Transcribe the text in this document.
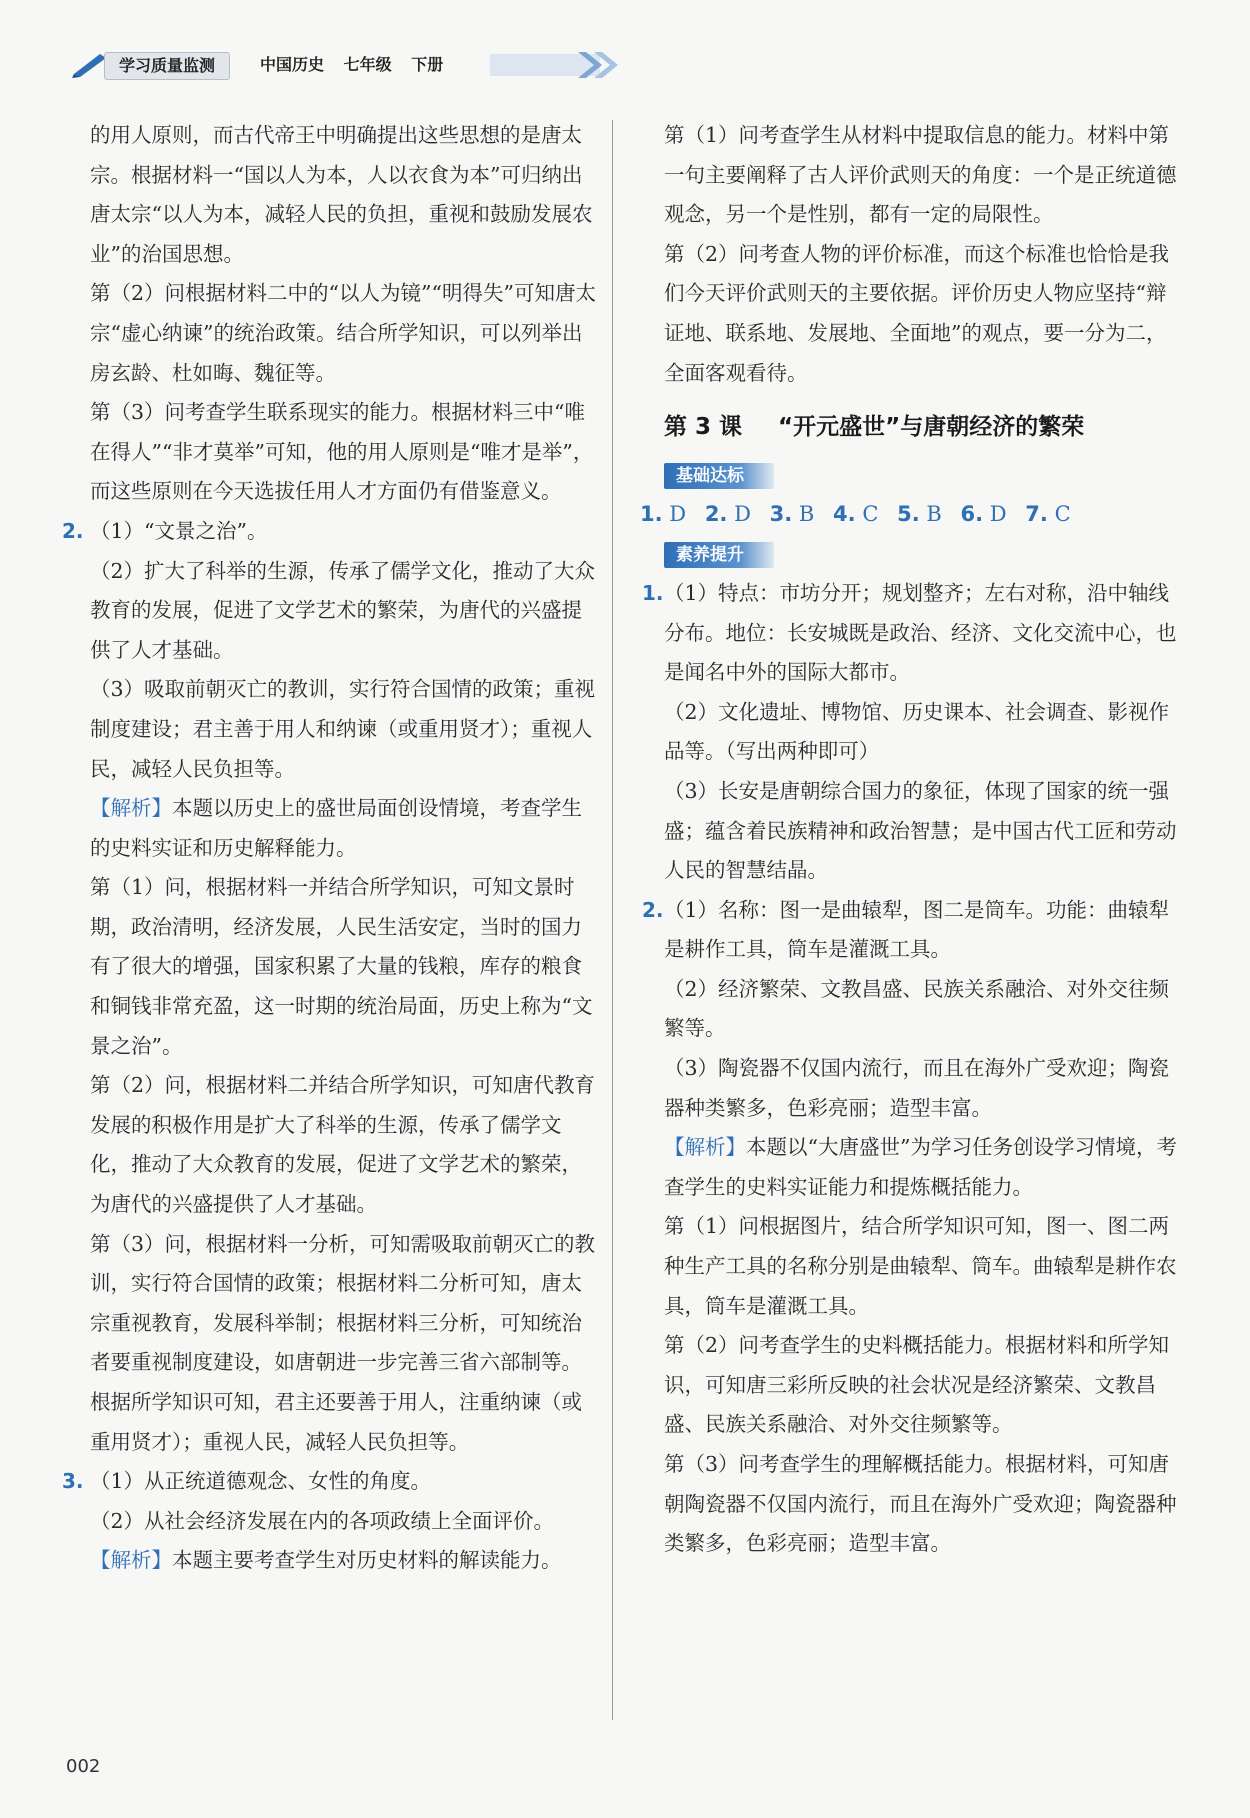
学习质量监测	中国历史 七年级 下册
的用人原则，而古代帝王中明确提出这些思想的是唐太宗。根据材料一“国以人为本，人以衣食为本”可归纳出唐太宗“以人为本，减轻人民的负担，重视和鼓励发展农业”的治国思想。
第（2）问根据材料二中的“以人为镜”“明得失”可知唐太宗“虚心纳谏”的统治政策。结合所学知识，可以列举出房玄龄、杜如晦、魏征等。
第（3）问考查学生联系现实的能力。根据材料三中“唯在得人”“非才莫举”可知，他的用人原则是“唯才是举”，而这些原则在今天选拔任用人才方面仍有借鉴意义。
2. （1）“文景之治”。
（2）扩大了科举的生源，传承了儒学文化，推动了大众教育的发展，促进了文学艺术的繁荣，为唐代的兴盛提供了人才基础。
（3）吸取前朝灭亡的教训，实行符合国情的政策；重视制度建设；君主善于用人和纳谏（或重用贤才）；重视人民，减轻人民负担等。
【解析】本题以历史上的盛世局面创设情境，考查学生的史料实证和历史解释能力。
第（1）问，根据材料一并结合所学知识，可知文景时期，政治清明，经济发展，人民生活安定，当时的国力有了很大的增强，国家积累了大量的钱粮，库存的粮食和铜钱非常充盈，这一时期的统治局面，历史上称为“文景之治”。
第（2）问，根据材料二并结合所学知识，可知唐代教育发展的积极作用是扩大了科举的生源，传承了儒学文化，推动了大众教育的发展，促进了文学艺术的繁荣，为唐代的兴盛提供了人才基础。
第（3）问，根据材料一分析，可知需吸取前朝灭亡的教训，实行符合国情的政策；根据材料二分析可知，唐太宗重视教育，发展科举制；根据材料三分析，可知统治者要重视制度建设，如唐朝进一步完善三省六部制等。根据所学知识可知，君主还要善于用人，注重纳谏（或重用贤才）；重视人民，减轻人民负担等。
3. （1）从正统道德观念、女性的角度。
（2）从社会经济发展在内的各项政绩上全面评价。
【解析】本题主要考查学生对历史材料的解读能力。
第（1）问考查学生从材料中提取信息的能力。材料中第一句主要阐释了古人评价武则天的角度：一个是正统道德观念，另一个是性别，都有一定的局限性。
第（2）问考查人物的评价标准，而这个标准也恰恰是我们今天评价武则天的主要依据。评价历史人物应坚持“辩证地、联系地、发展地、全面地”的观点，要一分为二，全面客观看待。
第 3 课 “开元盛世”与唐朝经济的繁荣
基础达标
1. D 2. D 3. B 4. C 5. B 6. D 7. C
素养提升
1. （1）特点：市坊分开；规划整齐；左右对称，沿中轴线分布。地位：长安城既是政治、经济、文化交流中心，也是闻名中外的国际大都市。
（2）文化遗址、博物馆、历史课本、社会调查、影视作品等。（写出两种即可）
（3）长安是唐朝综合国力的象征，体现了国家的统一强盛；蕴含着民族精神和政治智慧；是中国古代工匠和劳动人民的智慧结晶。
2. （1）名称：图一是曲辕犁，图二是筒车。功能：曲辕犁是耕作工具，筒车是灌溉工具。
（2）经济繁荣、文教昌盛、民族关系融洽、对外交往频繁等。
（3）陶瓷器不仅国内流行，而且在海外广受欢迎；陶瓷器种类繁多，色彩亮丽；造型丰富。
【解析】本题以“大唐盛世”为学习任务创设学习情境，考查学生的史料实证能力和提炼概括能力。
第（1）问根据图片，结合所学知识可知，图一、图二两种生产工具的名称分别是曲辕犁、筒车。曲辕犁是耕作农具，筒车是灌溉工具。
第（2）问考查学生的史料概括能力。根据材料和所学知识，可知唐三彩所反映的社会状况是经济繁荣、文教昌盛、民族关系融洽、对外交往频繁等。
第（3）问考查学生的理解概括能力。根据材料，可知唐朝陶瓷器不仅国内流行，而且在海外广受欢迎；陶瓷器种类繁多，色彩亮丽；造型丰富。
002
